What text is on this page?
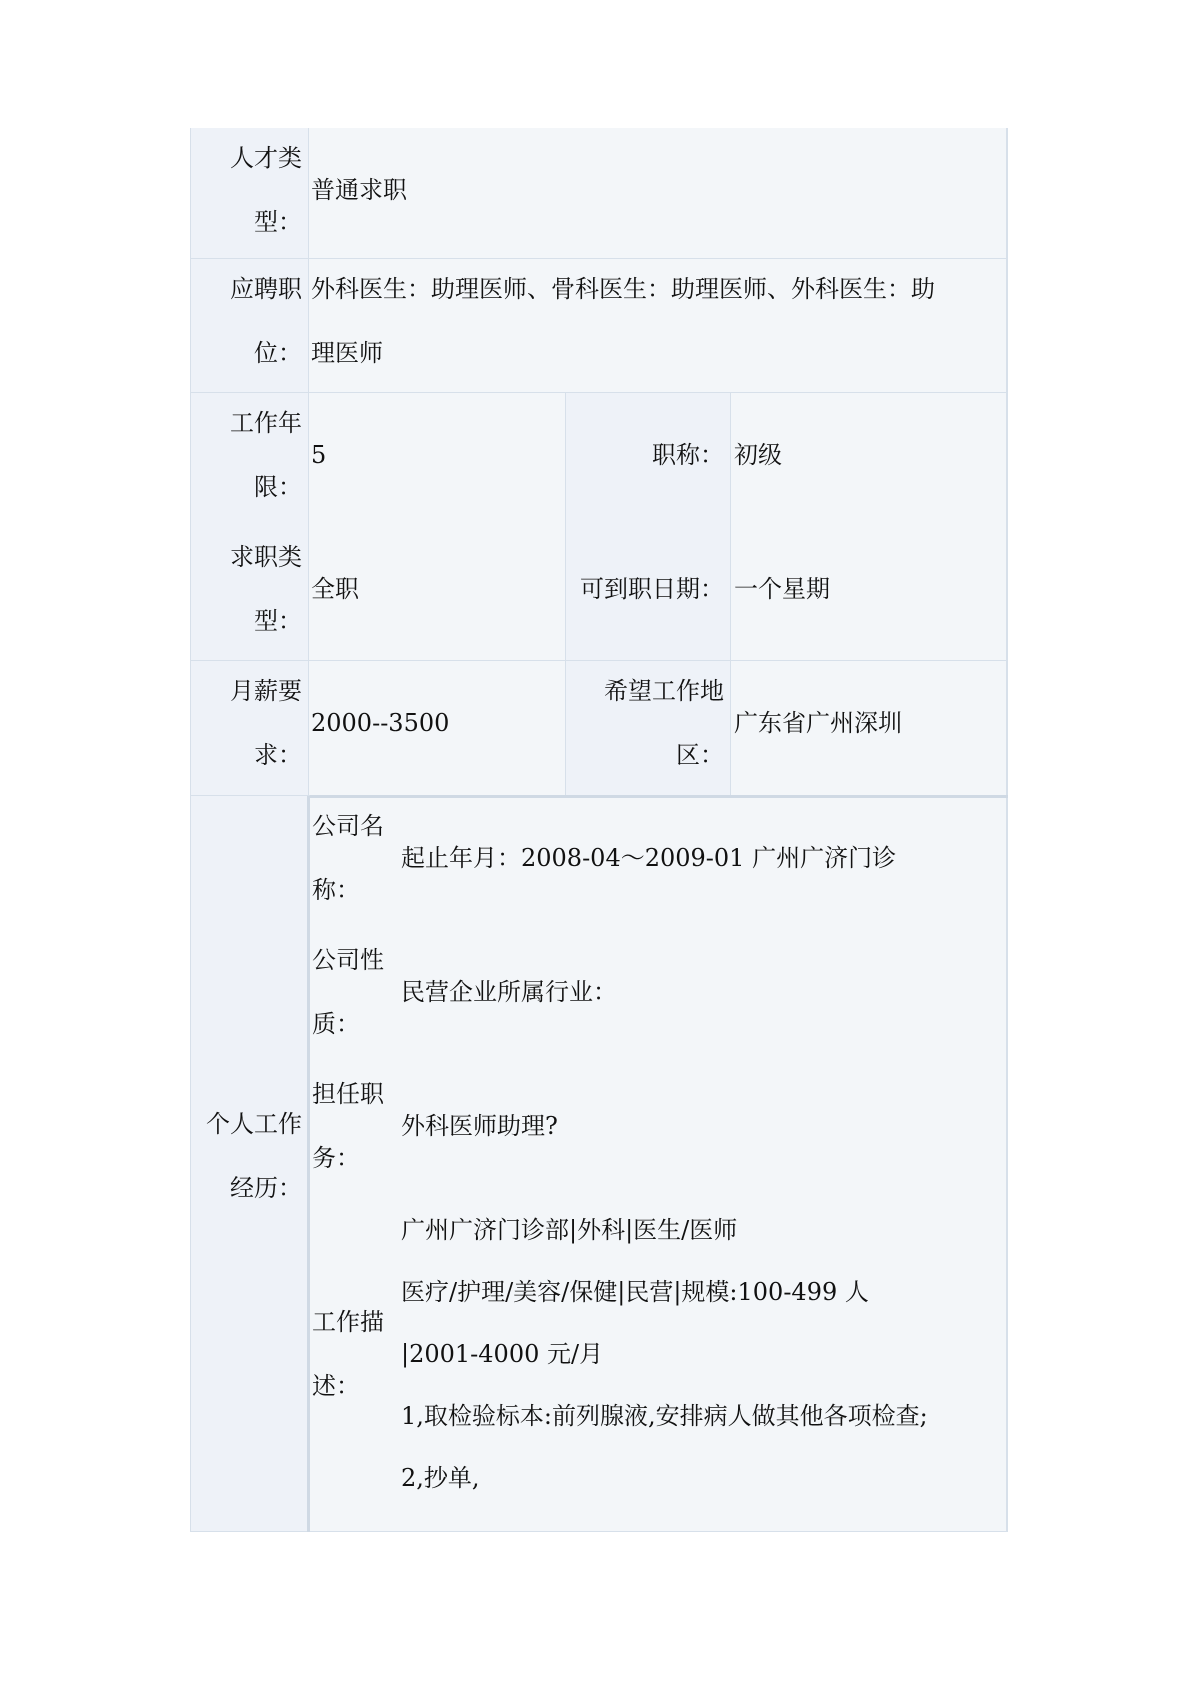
人才类
型：
普通求职
应聘职
位：
外科医生：助理医师、骨科医生：助理医师、外科医生：助
理医师
工作年
限：
求职类
型：
5
全职
职称：
可到职日期：
初级
一个星期
月薪要
求：
2000--3500
希望工作地
区：
广东省广州深圳
个人工作
经历：
公司名
称：
起止年月：2008-04～2009-01 广州广济门诊
公司性
质：
民营企业所属行业：
担任职
务：
外科医师助理?
工作描
述：
广州广济门诊部|外科|医生/医师
医疗/护理/美容/保健|民营|规模:100-499 人
|2001-4000 元/月
1,取检验标本:前列腺液,安排病人做其他各项检查;
2,抄单,
